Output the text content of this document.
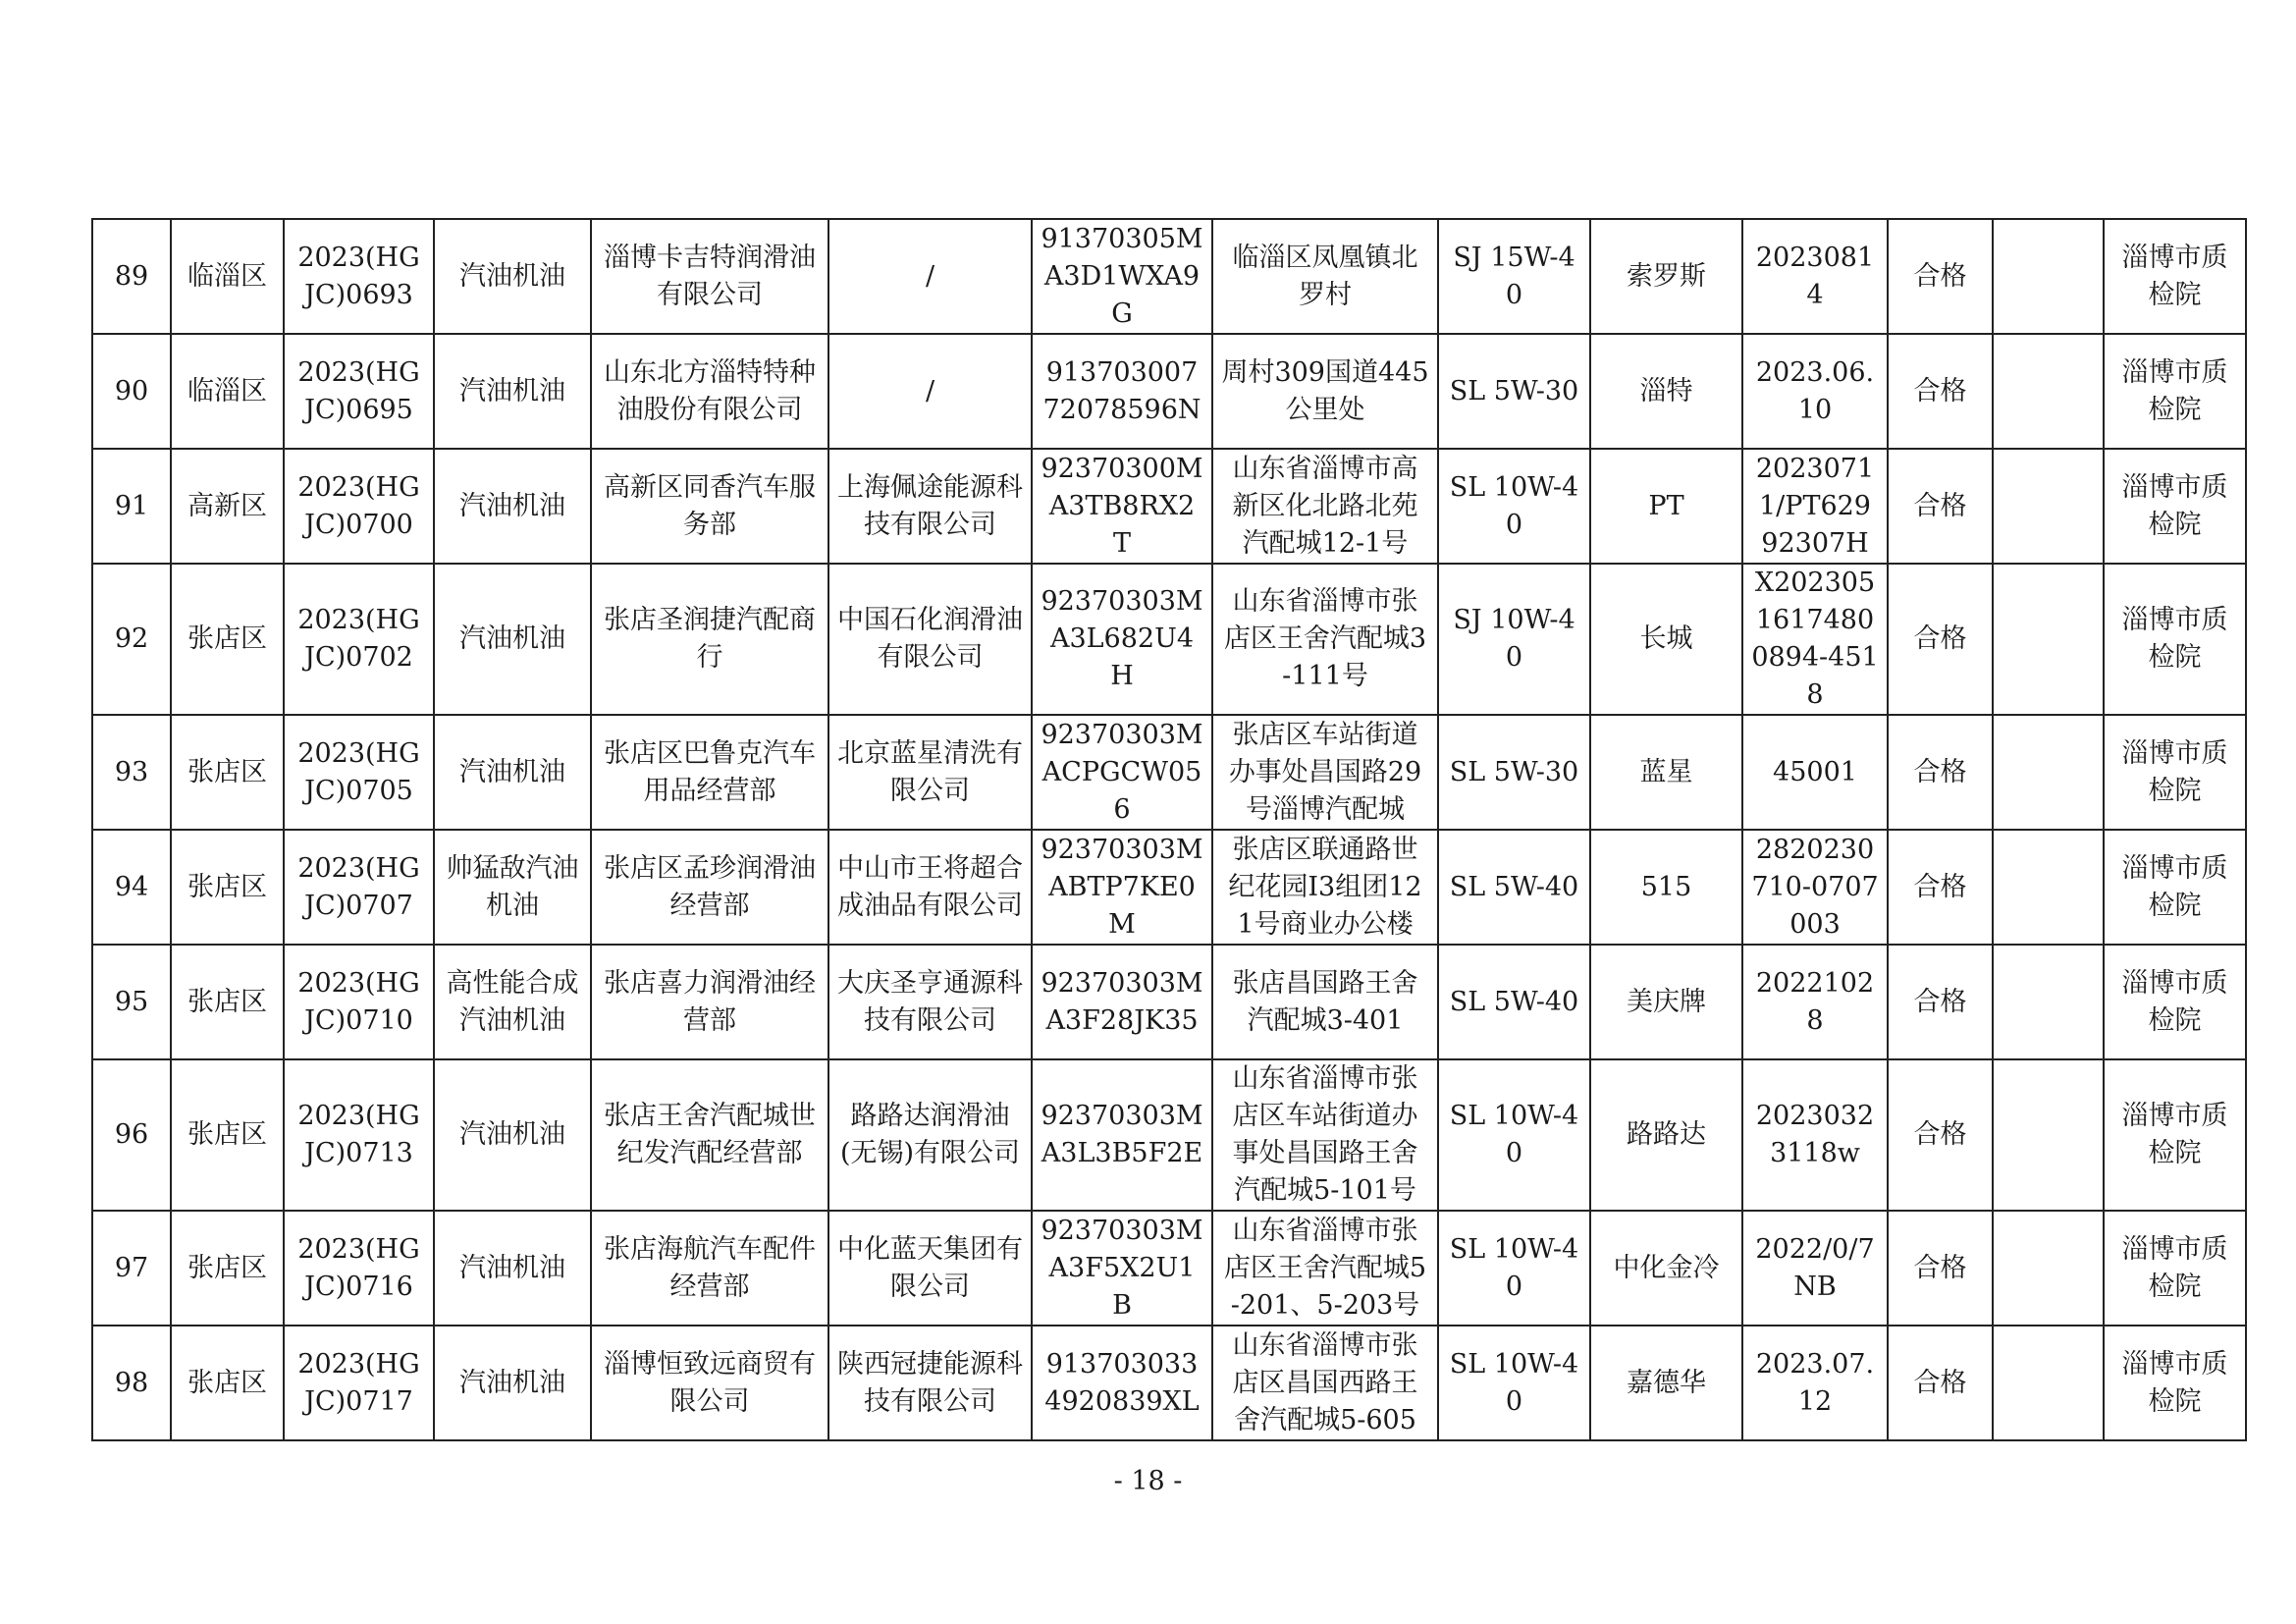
89	临淄区	2023(HGJC)0693	汽油机油	淄博卡吉特润滑油有限公司	/	91370305MA3D1WXA9G	临淄区凤凰镇北罗村	SJ 15W-40	索罗斯	20230814	合格		淄博市质检院
90	临淄区	2023(HGJC)0695	汽油机油	山东北方淄特特种油股份有限公司	/	91370300772078596N	周村309国道445公里处	SL 5W-30	淄特	2023.06.10	合格		淄博市质检院
91	高新区	2023(HGJC)0700	汽油机油	高新区同香汽车服务部	上海佩途能源科技有限公司	92370300MA3TB8RX2T	山东省淄博市高新区化北路北苑汽配城12-1号	SL 10W-40	PT	20230711/PT62992307H	合格		淄博市质检院
92	张店区	2023(HGJC)0702	汽油机油	张店圣润捷汽配商行	中国石化润滑油有限公司	92370303MA3L682U4H	山东省淄博市张店区王舍汽配城3-111号	SJ 10W-40	长城	X20230516174800894-4518	合格		淄博市质检院
93	张店区	2023(HGJC)0705	汽油机油	张店区巴鲁克汽车用品经营部	北京蓝星清洗有限公司	92370303MACPGCW056	张店区车站街道办事处昌国路29号淄博汽配城	SL 5W-30	蓝星	45001	合格		淄博市质检院
94	张店区	2023(HGJC)0707	帅猛敌汽油机油	张店区孟珍润滑油经营部	中山市王将超合成油品有限公司	92370303MABTP7KE0M	张店区联通路世纪花园I3组团121号商业办公楼	SL 5W-40	515	2820230710-0707003	合格		淄博市质检院
95	张店区	2023(HGJC)0710	高性能合成汽油机油	张店喜力润滑油经营部	大庆圣亨通源科技有限公司	92370303MA3F28JK35	张店昌国路王舍汽配城3-401	SL 5W-40	美庆牌	20221028	合格		淄博市质检院
96	张店区	2023(HGJC)0713	汽油机油	张店王舍汽配城世纪发汽配经营部	路路达润滑油(无锡)有限公司	92370303MA3L3B5F2E	山东省淄博市张店区车站街道办事处昌国路王舍汽配城5-101号	SL 10W-40	路路达	20230323118w	合格		淄博市质检院
97	张店区	2023(HGJC)0716	汽油机油	张店海航汽车配件经营部	中化蓝天集团有限公司	92370303MA3F5X2U1B	山东省淄博市张店区王舍汽配城5-201、5-203号	SL 10W-40	中化金冷	2022/0/7NB	合格		淄博市质检院
98	张店区	2023(HGJC)0717	汽油机油	淄博恒致远商贸有限公司	陕西冠捷能源科技有限公司	9137030334920839XL	山东省淄博市张店区昌国西路王舍汽配城5-605	SL 10W-40	嘉德华	2023.07.12	合格		淄博市质检院
- 18 -
